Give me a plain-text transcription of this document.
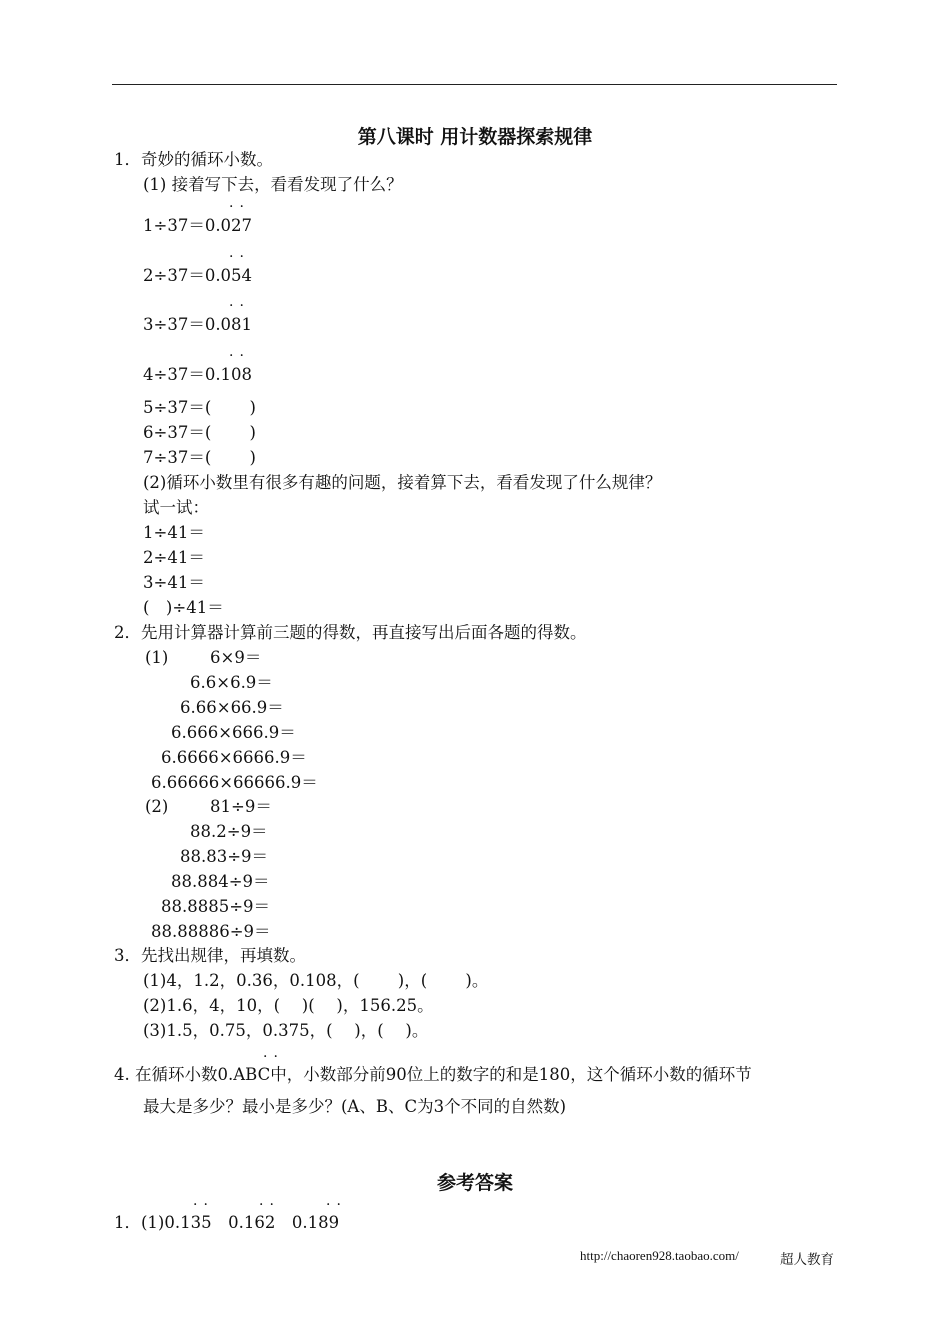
第八课时 用计数器探索规律
1．奇妙的循环小数。
(1) 接着写下去，看看发现了什么？
··
1÷37＝0.027
··
2÷37＝0.054
··
3÷37＝0.081
··
4÷37＝0.108
5÷37＝(　　 )
6÷37＝(　　 )
7÷37＝(　　 )
(2)循环小数里有很多有趣的问题，接着算下去，看看发现了什么规律？
试一试：
1÷41＝
2÷41＝
3÷41＝
(　)÷41＝
2．先用计算器计算前三题的得数，再直接写出后面各题的得数。
(1)	6×9＝
6.6×6.9＝
6.66×66.9＝
6.666×666.9＝
6.6666×6666.9＝
6.66666×66666.9＝
(2)	81÷9＝
88.2÷9＝
88.83÷9＝
88.884÷9＝
88.8885÷9＝
88.88886÷9＝
3．先找出规律，再填数。
(1)4，1.2，0.36，0.108，(　　 )，(　　 )。
(2)1.6，4，10，(　 )(　 )，156.25。
(3)1.5，0.75，0.375，(　 )，(　 )。
··
4. 在循环小数0.ABC中，小数部分前90位上的数字的和是180，这个循环小数的循环节
最大是多少？最小是多少？(A、B、C为3个不同的自然数)
参考答案
··	··	··
1．(1)0.135　0.162　0.189
http://chaoren928.taobao.com/	超人教育
